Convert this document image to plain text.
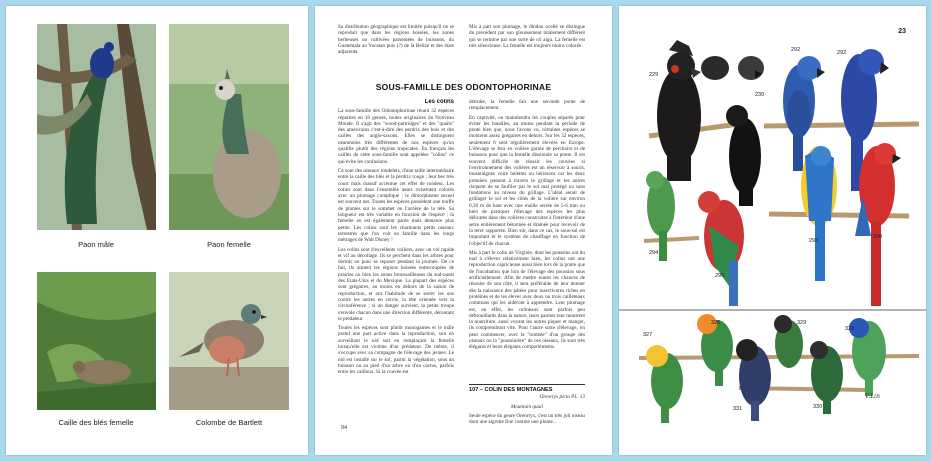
Paon mâle	Paon femelle
Caille des blés femelle	Colombe de Bartlett

Sa distribution géographique est limitée puisqu'il ne se reproduit que dans les régions boisées, les zones herbeuses ou cultivées parsemées de buissons, du Guatemala au Yucatan puis (?) de la Belize et des états adjacents.

Mis à part son plumage, le dindon ocellé se distingue du précédent par son gloussement totalement différent qui se termine par une sorte de cri aigu. La femelle est très silencieuse. La femelle est toujours moins colorée.

SOUS-FAMILLE DES ODONTOPHORINAE
Les colins

La sous-famille des Odontophorinae réunit 32 espèces réparties en 10 genres, toutes originaires du Nouveau Monde. Il s'agit des "wood-partridges" et des "quails" des américains c'est-à-dire des perdrix des bois et des cailles des anglo-saxons. Elles se distinguent néanmoins très différentes de nos espèces qu'on qualifie plutôt des régions tropicales. En français les cailles de cette sous-famille sont appelées "colins" ce qui évite les confusions.

Ce sont des oiseaux rondelets, d'une taille intermédiaire entre la caille des blés et la perdrix rouge ; leur bec très court mais massif accentue cet effet de rondeur. Les colins sont dans l'ensemble assez richement colorés avec un plumage compliqué ; le dimorphisme sexuel est souvent net. Toutes les espèces possèdent une touffe de plumes sur le sommet ou l'arrière de la tête. Sa longueur est très variable en fonction de l'espèce ; la femelle en est également parée mais demeure plus petite. Les colins sont les charmants petits oiseaux terrestres que l'on voit en famille dans les longs métrages de Walt Disney !

Les colins sont d'excellents voiliers, avec un vol rapide et vif au décollage. Ils se perchent dans les arbres pour dormir ou pour se reposer pendant la journée. De ce fait, ils aiment les régions boisées entrecoupées de prairies ou bien les zones broussailleuses du sud-ouest des Etats-Unis et du Mexique. La plupart des espèces sont grégaires, au moins en dehors de la saison de reproduction, et ont l'habitude de se serrer les uns contre les autres en cercle, la tête orientée vers la circonférence ; si un danger survient, la petite troupe s'envole chacun dans une direction différente, déroutant le prédateur.

Toutes les espèces sont plutôt monogames et le mâle prend une part active dans la reproduction, soit en surveillant le nid soit en remplaçant la femelle lorsqu'elle est victime d'un prédateur. De même, il s'occupe avec sa compagne de l'élevage des jeunes. Le nid est installé sur le sol, parmi la végétation, sous un buisson ou au pied d'un arbre ou d'un cactus, parfois entre les cailloux. Si la couvée est

détruite, la femelle fait une seconde ponte de remplacement.

En captivité, on maintiendra les couples séparés pour éviter les batailles, au moins pendant la période de ponte bien que, nous l'avons vu, certaines espèces se montrent assez grégaires en dehors. Sur les 32 espèces, seulement 6 sont régulièrement élevées en Europe. L'élevage se fera en volière garnie de perchoirs et de buissons pour que la femelle dissimule sa ponte. Il est souvent difficile de réussir les couvées si l'environnement des volières est un réservoir à souris, musaraignes voire belettes ou hérissons car les deux premiers passent à travers le grillage et les autres risquent de se faufiler par le sol mal protégé ou sans fondations au niveau du grillage. L'idéal serait de grillager le sol et les côtés de la volière sur environ 0,30 m de haut avec une maille serrée de 5-6 mm ou bien de pratiquer l'élevage des espèces les plus délicates dans des volières construites à l'intérieur d'une serre entièrement bétonnée et drainée pour recevoir de la terre rapportée. Bien sûr, dans ce cas, le sous-sol est important et le système de chauffage en fonction de l'objectif de chacun.

Mis à part le colin de Virginie, dont les poussins ont du mal à s'élever relativement bien, les colins ont une reproduction capricieuse aussi bien lors de la ponte que de l'incubation que lors de l'élevage des poussins sous artificiellement. Afin de mettre toutes les chances de réussite de son côté, il sera préférable de leur donner dès la naissance des pâtées pour insectivores riches en protéines et de les élever avec deux ou trois cailleteaux communs qui les aideront à apprendre. Leur plumage est, en effet, les colineaux sont parfois peu débrouillards dans la nature, leurs parents leur montrent la nourriture, aussi voyant les autres piquer et manger, ils comprendront vite. Pour l'autre sorte d'élevage, on peut commencer, avec la "tombée" d'un groupe des oiseaux ou la "poussinière" de ces oiseaux, ils sont très élégants et leurs élégants comportements.

107 – COLIN DES MONTAGNES

Oreortyx picta PL. 13

Mountain quail

Seule espèce du genre Oreortyx, c'est un très joli oiseau dont une aigrette fine comme une plume...

94
23
229
230
292	292
294
296
293
290
327
326	329
328
331	330
V.Lin
